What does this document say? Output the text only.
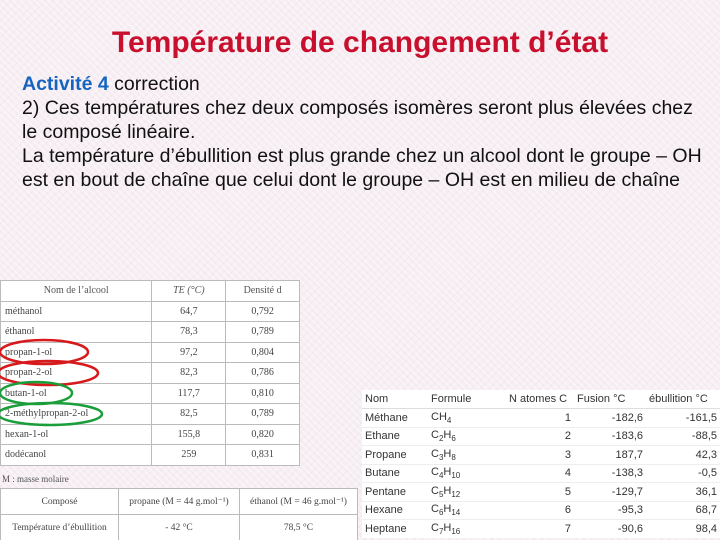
Température de changement d’état
Activité 4 correction
2) Ces températures chez deux composés isomères seront plus élevées chez le composé linéaire.
La température d’ébullition est plus grande chez un alcool dont le groupe – OH est en bout de chaîne que celui dont le groupe – OH est en milieu de chaîne
Nom de l’alcool	TE (°C)	Densité d
méthanol	64,7	0,792
éthanol	78,3	0,789
propan-1-ol	97,2	0,804
propan-2-ol	82,3	0,786
butan-1-ol	117,7	0,810
2-méthylpropan-2-ol	82,5	0,789
hexan-1-ol	155,8	0,820
dodécanol	259	0,831
M : masse molaire
Composé	propane (M = 44 g.mol⁻¹)	éthanol (M = 46 g.mol⁻¹)
Température d’ébullition	- 42 °C	78,5 °C
Nom	Formule	N atomes C	Fusion °C	ébullition °C
Méthane	$CH_4$	1	-182,6	-161,5
Ethane	$C_2H_6$	2	-183,6	-88,5
Propane	$C_3H_8$	3	187,7	42,3
Butane	$C_4H_{10}$	4	-138,3	-0,5
Pentane	$C_5H_{12}$	5	-129,7	36,1
Hexane	$C_6H_{14}$	6	-95,3	68,7
Heptane	$C_7H_{16}$	7	-90,6	98,4
